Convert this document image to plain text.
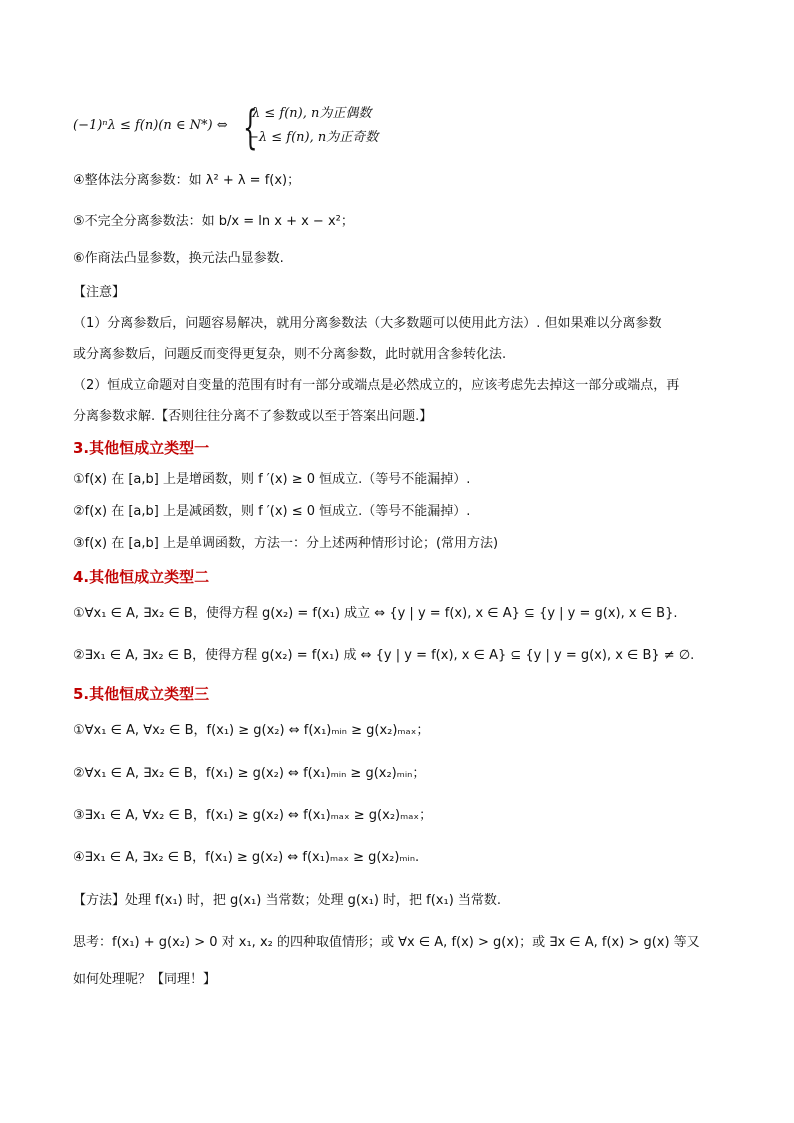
(−1)ⁿλ ≤ f(n)(n ∈ N*) ⇔ {
λ ≤ f(n), n为正偶数
−λ ≤ f(n), n为正奇数
④整体法分离参数：如 λ² + λ = f(x)；
⑤不完全分离参数法：如 b/x = ln x + x − x²；
⑥作商法凸显参数，换元法凸显参数.
【注意】
（1）分离参数后，问题容易解决，就用分离参数法（大多数题可以使用此方法）. 但如果难以分离参数
或分离参数后，问题反而变得更复杂，则不分离参数，此时就用含参转化法.
（2）恒成立命题对自变量的范围有时有一部分或端点是必然成立的，应该考虑先去掉这一部分或端点，再
分离参数求解.【否则往往分离不了参数或以至于答案出问题.】
3.其他恒成立类型一
①f(x) 在 [a,b] 上是增函数，则 f ′(x) ≥ 0 恒成立.（等号不能漏掉）.
②f(x) 在 [a,b] 上是减函数，则 f ′(x) ≤ 0 恒成立.（等号不能漏掉）.
③f(x) 在 [a,b] 上是单调函数，方法一：分上述两种情形讨论；(常用方法)
4.其他恒成立类型二
①∀x₁ ∈ A, ∃x₂ ∈ B，使得方程 g(x₂) = f(x₁) 成立 ⇔ {y | y = f(x), x ∈ A} ⊆ {y | y = g(x), x ∈ B}.
②∃x₁ ∈ A, ∃x₂ ∈ B，使得方程 g(x₂) = f(x₁) 成 ⇔ {y | y = f(x), x ∈ A} ⊆ {y | y = g(x), x ∈ B} ≠ ∅.
5.其他恒成立类型三
①∀x₁ ∈ A, ∀x₂ ∈ B，f(x₁) ≥ g(x₂) ⇔ f(x₁)ₘᵢₙ ≥ g(x₂)ₘₐₓ；
②∀x₁ ∈ A, ∃x₂ ∈ B，f(x₁) ≥ g(x₂) ⇔ f(x₁)ₘᵢₙ ≥ g(x₂)ₘᵢₙ；
③∃x₁ ∈ A, ∀x₂ ∈ B，f(x₁) ≥ g(x₂) ⇔ f(x₁)ₘₐₓ ≥ g(x₂)ₘₐₓ；
④∃x₁ ∈ A, ∃x₂ ∈ B，f(x₁) ≥ g(x₂) ⇔ f(x₁)ₘₐₓ ≥ g(x₂)ₘᵢₙ.
【方法】处理 f(x₁) 时，把 g(x₁) 当常数；处理 g(x₁) 时，把 f(x₁) 当常数.
思考：f(x₁) + g(x₂) > 0 对 x₁, x₂ 的四种取值情形；或 ∀x ∈ A, f(x) > g(x)；或 ∃x ∈ A, f(x) > g(x) 等又
如何处理呢？【同理！】
